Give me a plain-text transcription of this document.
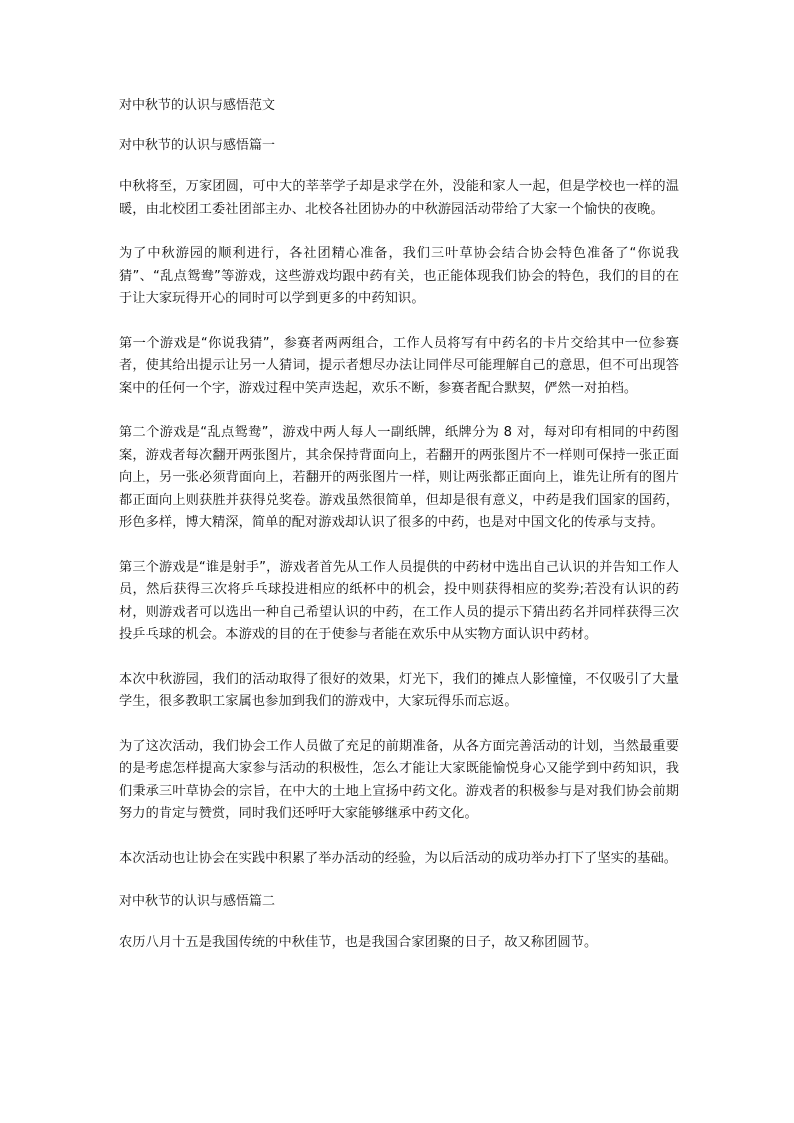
对中秋节的认识与感悟范文
对中秋节的认识与感悟篇一

中秋将至，万家团圆，可中大的莘莘学子却是求学在外，没能和家人一起，但是学校也一样的温暖，由北校团工委社团部主办、北校各社团协办的中秋游园活动带给了大家一个愉快的夜晚。

为了中秋游园的顺利进行，各社团精心准备，我们三叶草协会结合协会特色准备了“你说我猜”、“乱点鸳鸯”等游戏，这些游戏均跟中药有关，也正能体现我们协会的特色，我们的目的在于让大家玩得开心的同时可以学到更多的中药知识。

第一个游戏是“你说我猜”，参赛者两两组合，工作人员将写有中药名的卡片交给其中一位参赛者，使其给出提示让另一人猜词，提示者想尽办法让同伴尽可能理解自己的意思，但不可出现答案中的任何一个字，游戏过程中笑声迭起，欢乐不断，参赛者配合默契，俨然一对拍档。

第二个游戏是“乱点鸳鸯”，游戏中两人每人一副纸牌，纸牌分为 8 对，每对印有相同的中药图案，游戏者每次翻开两张图片，其余保持背面向上，若翻开的两张图片不一样则可保持一张正面向上，另一张必须背面向上，若翻开的两张图片一样，则让两张都正面向上，谁先让所有的图片都正面向上则获胜并获得兑奖卷。游戏虽然很简单，但却是很有意义，中药是我们国家的国药，形色多样，博大精深，简单的配对游戏却认识了很多的中药，也是对中国文化的传承与支持。

第三个游戏是“谁是射手”，游戏者首先从工作人员提供的中药材中选出自己认识的并告知工作人员，然后获得三次将乒乓球投进相应的纸杯中的机会，投中则获得相应的奖券;若没有认识的药材，则游戏者可以选出一种自己希望认识的中药，在工作人员的提示下猜出药名并同样获得三次投乒乓球的机会。本游戏的目的在于使参与者能在欢乐中从实物方面认识中药材。

本次中秋游园，我们的活动取得了很好的效果，灯光下，我们的摊点人影憧憧，不仅吸引了大量学生，很多教职工家属也参加到我们的游戏中，大家玩得乐而忘返。

为了这次活动，我们协会工作人员做了充足的前期准备，从各方面完善活动的计划，当然最重要的是考虑怎样提高大家参与活动的积极性，怎么才能让大家既能愉悦身心又能学到中药知识，我们秉承三叶草协会的宗旨，在中大的土地上宣扬中药文化。游戏者的积极参与是对我们协会前期努力的肯定与赞赏，同时我们还呼吁大家能够继承中药文化。

本次活动也让协会在实践中积累了举办活动的经验，为以后活动的成功举办打下了坚实的基础。

对中秋节的认识与感悟篇二

农历八月十五是我国传统的中秋佳节，也是我国合家团聚的日子，故又称团圆节。
